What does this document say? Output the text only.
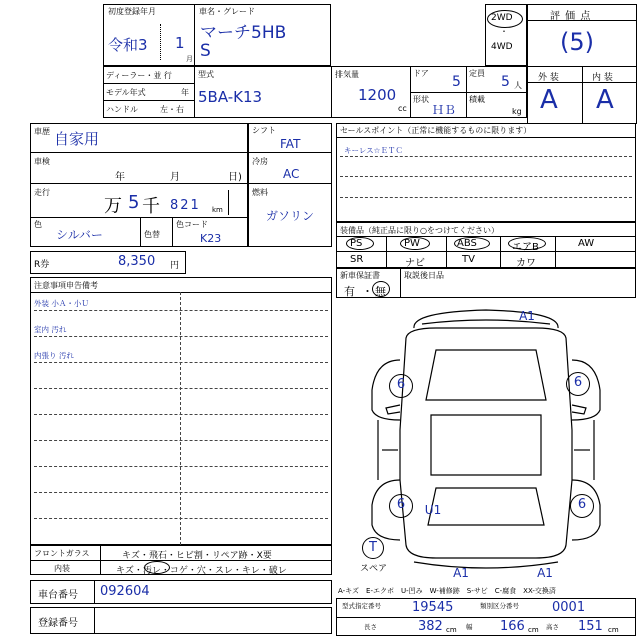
初度登録年月
令和3 1
月
車名・グレード
マーチ5HB
S
2WD
・
4WD
評 価 点
(5)
外 装	内 装
A A
ディーラー・並 行
モデル年式	年
ハンドル	左・右
型式
5BA-K13
排気量
1200
cc
ドア
5
定員
5 人
形状
ＨＢ
積載
kg
車歴 自家用
車検
年	月	日)
走行
万 5 千 821 km
色
シルバー	色替
色コード
K23
シフト
FAT
冷房
AC
燃料
ガソリン
セールスポイント（正常に機能するものに限ります）
キーレス☆ＥＴＣ
装備品（純正品に限り○をつけてください）
PS	PW	ABS	エアB	AW
SR	ナビ	TV	カワ
新車保証書
有 ・ 無
取説 後日品
R券	8,350 円
注意事項申告備考
外装 小Ａ・小Ｕ
室内 汚れ
内張り 汚れ
フロントガラス	キズ・飛石・ヒビ割・リペア跡・X要
内装	キズ・汚レ・コゲ・穴・スレ・キレ・破レ
車台番号 092604
登録番号
A1
6	6
6	U1	6
T
スペア	A1	A1
A-キズ　E-エクボ　U-凹み　W-補修跡　S-サビ　C-腐食　XX-交換済
型式指定番号 19545	類別区分番号	0001
長さ	382 cm 幅 166 cm 高さ 151 cm
